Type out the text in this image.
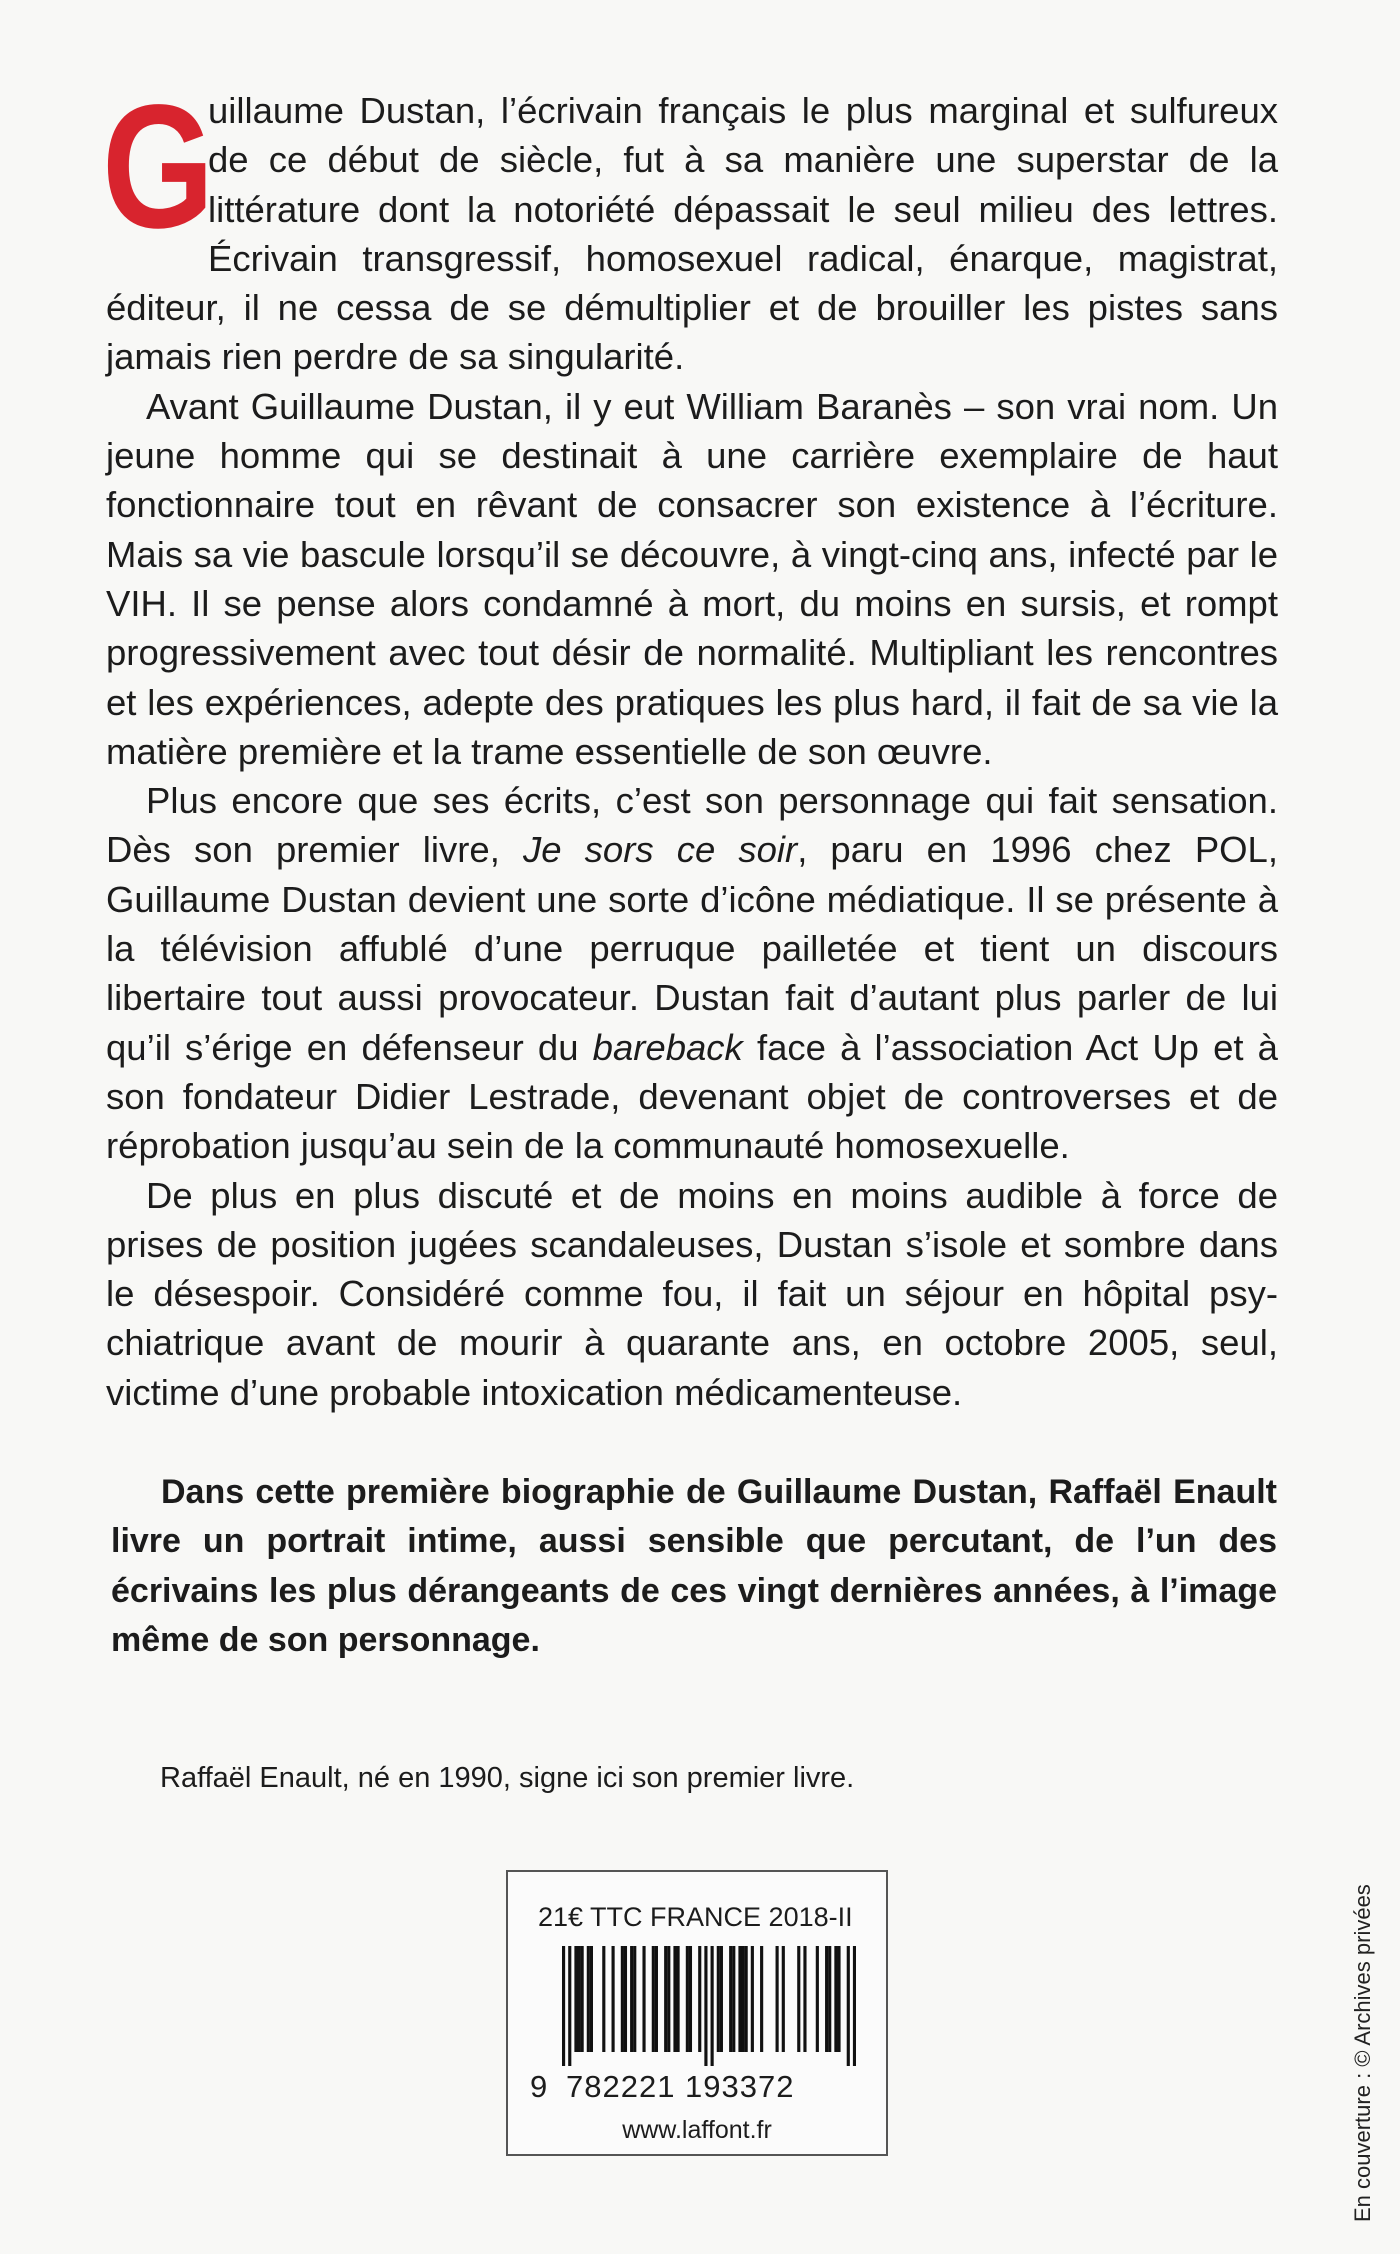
G
uillaume Dustan, l’écrivain français le plus marginal et sulfureux de ce début de siècle, fut à sa manière une superstar de la littérature dont la notoriété dépassait le seul milieu des lettres. Écrivain transgressif, homosexuel radical, énarque, magistrat, éditeur, il ne cessa de se démultiplier et de brouiller les pistes sans jamais rien perdre de sa singularité.

Avant Guillaume Dustan, il y eut William Baranès – son vrai nom. Un jeune homme qui se destinait à une carrière exemplaire de haut fonctionnaire tout en rêvant de consacrer son existence à l’écriture. Mais sa vie bascule lorsqu’il se découvre, à vingt-cinq ans, infecté par le VIH. Il se pense alors condamné à mort, du moins en sursis, et rompt progressivement avec tout désir de normalité. Multipliant les rencontres et les expériences, adepte des pratiques les plus hard, il fait de sa vie la matière première et la trame essentielle de son œuvre.

Plus encore que ses écrits, c’est son personnage qui fait sensation. Dès son premier livre, Je sors ce soir, paru en 1996 chez POL, Guillaume Dustan devient une sorte d’icône médiatique. Il se présente à la télévision affublé d’une perruque pailletée et tient un discours libertaire tout aussi provocateur. Dustan fait d’autant plus parler de lui qu’il s’érige en défenseur du bareback face à l’association Act Up et à son fondateur Didier Lestrade, devenant objet de controverses et de réprobation jusqu’au sein de la communauté homosexuelle.

De plus en plus discuté et de moins en moins audible à force de prises de position jugées scandaleuses, Dustan s’isole et sombre dans le désespoir. Considéré comme fou, il fait un séjour en hôpital psychiatrique avant de mourir à quarante ans, en octobre 2005, seul, victime d’une probable intoxication médicamenteuse.

Dans cette première biographie de Guillaume Dustan, Raffaël Enault livre un portrait intime, aussi sensible que percutant, de l’un des écrivains les plus dérangeants de ces vingt dernières années, à l’image même de son personnage.

Raffaël Enault, né en 1990, signe ici son premier livre.

21€ TTC FRANCE 2018-II
9 782221 193372
www.laffont.fr	En couverture : © Archives privées
